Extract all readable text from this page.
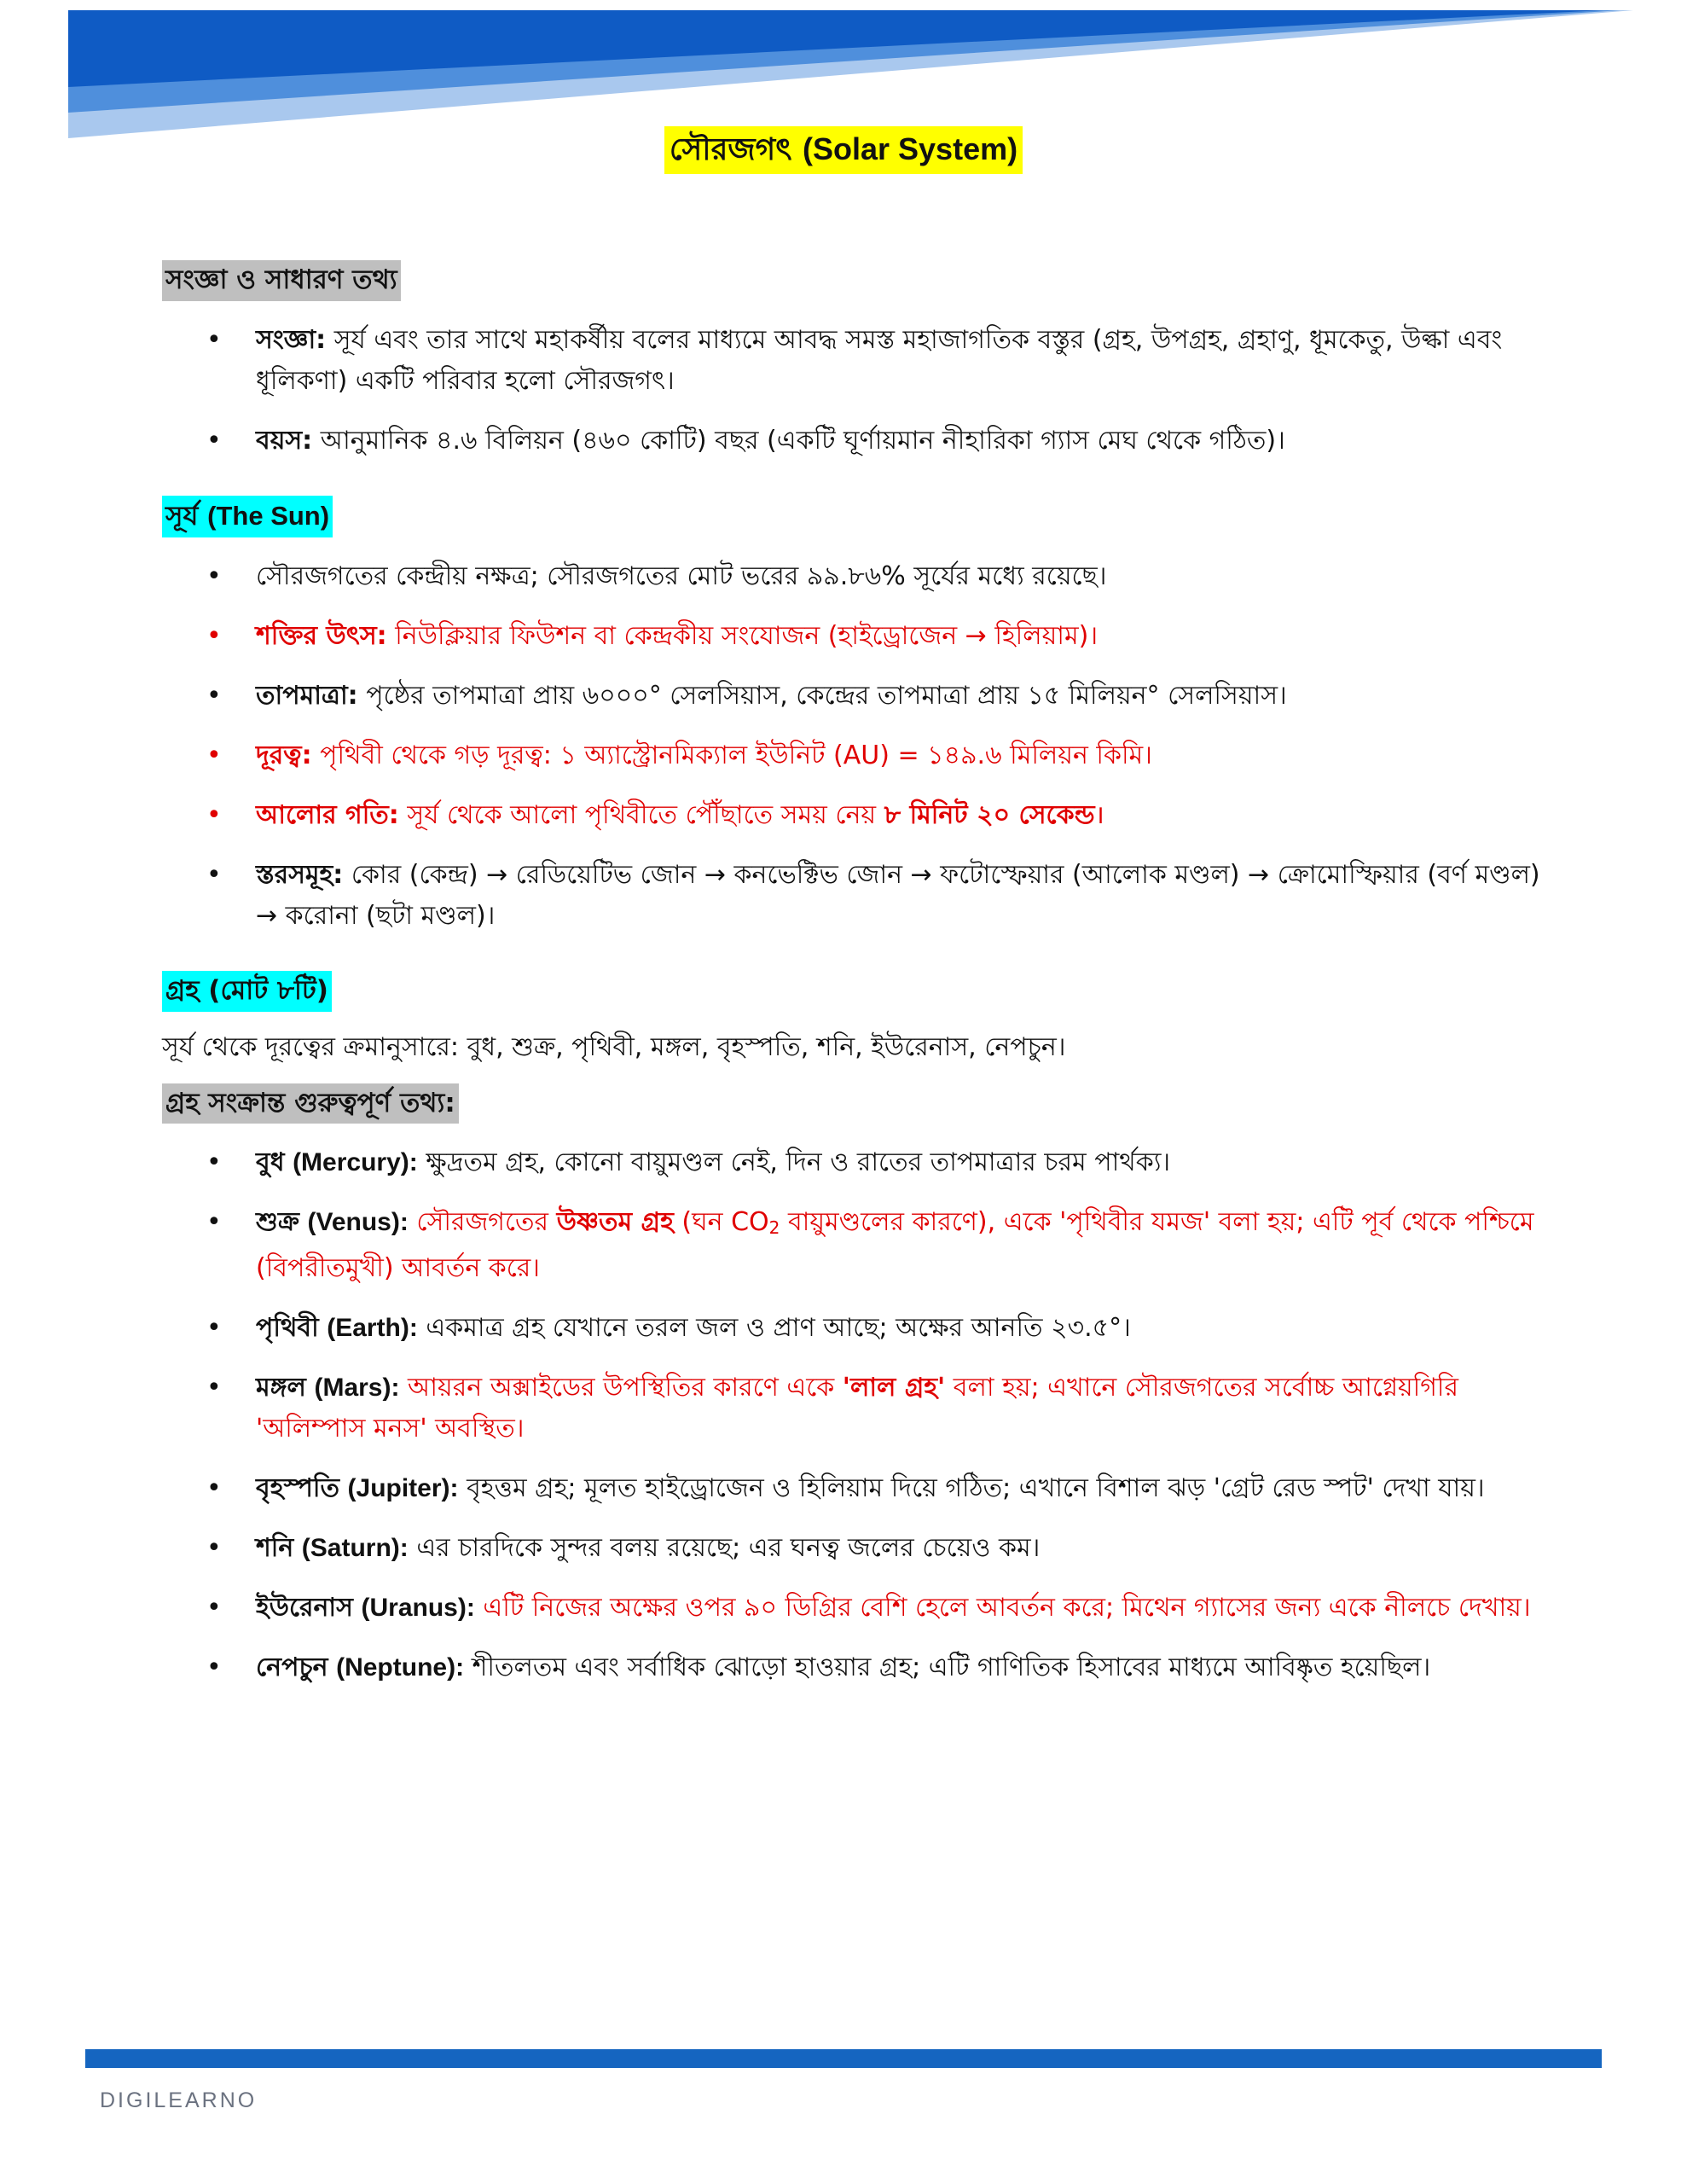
সৌরজগৎ (Solar System)
সংজ্ঞা ও সাধারণ তথ্য
• সংজ্ঞা: সূর্য এবং তার সাথে মহাকর্ষীয় বলের মাধ্যমে আবদ্ধ সমস্ত মহাজাগতিক বস্তুর (গ্রহ, উপগ্রহ, গ্রহাণু, ধূমকেতু, উল্কা এবং ধূলিকণা) একটি পরিবার হলো সৌরজগৎ।
• বয়স: আনুমানিক ৪.৬ বিলিয়ন (৪৬০ কোটি) বছর (একটি ঘূর্ণায়মান নীহারিকা গ্যাস মেঘ থেকে গঠিত)।
সূর্য (The Sun)
• সৌরজগতের কেন্দ্রীয় নক্ষত্র; সৌরজগতের মোট ভরের ৯৯.৮৬% সূর্যের মধ্যে রয়েছে।
• শক্তির উৎস: নিউক্লিয়ার ফিউশন বা কেন্দ্রকীয় সংযোজন (হাইড্রোজেন → হিলিয়াম)।
• তাপমাত্রা: পৃষ্ঠের তাপমাত্রা প্রায় ৬০০০° সেলসিয়াস, কেন্দ্রের তাপমাত্রা প্রায় ১৫ মিলিয়ন° সেলসিয়াস।
• দূরত্ব: পৃথিবী থেকে গড় দূরত্ব: ১ অ্যাস্ট্রোনমিক্যাল ইউনিট (AU) = ১৪৯.৬ মিলিয়ন কিমি।
• আলোর গতি: সূর্য থেকে আলো পৃথিবীতে পৌঁছাতে সময় নেয় ৮ মিনিট ২০ সেকেন্ড।
• স্তরসমূহ: কোর (কেন্দ্র) → রেডিয়েটিভ জোন → কনভেক্টিভ জোন → ফটোস্ফেয়ার (আলোক মণ্ডল) → ক্রোমোস্ফিয়ার (বর্ণ মণ্ডল) → করোনা (ছটা মণ্ডল)।
গ্রহ (মোট ৮টি)
সূর্য থেকে দূরত্বের ক্রমানুসারে: বুধ, শুক্র, পৃথিবী, মঙ্গল, বৃহস্পতি, শনি, ইউরেনাস, নেপচুন।
গ্রহ সংক্রান্ত গুরুত্বপূর্ণ তথ্য:
• বুধ (Mercury): ক্ষুদ্রতম গ্রহ, কোনো বায়ুমণ্ডল নেই, দিন ও রাতের তাপমাত্রার চরম পার্থক্য।
• শুক্র (Venus): সৌরজগতের উষ্ণতম গ্রহ (ঘন $CO_2$ বায়ুমণ্ডলের কারণে), একে 'পৃথিবীর যমজ' বলা হয়; এটি পূর্ব থেকে পশ্চিমে (বিপরীতমুখী) আবর্তন করে।
• পৃথিবী (Earth): একমাত্র গ্রহ যেখানে তরল জল ও প্রাণ আছে; অক্ষের আনতি ২৩.৫°।
• মঙ্গল (Mars): আয়রন অক্সাইডের উপস্থিতির কারণে একে 'লাল গ্রহ' বলা হয়; এখানে সৌরজগতের সর্বোচ্চ আগ্নেয়গিরি 'অলিম্পাস মনস' অবস্থিত।
• বৃহস্পতি (Jupiter): বৃহত্তম গ্রহ; মূলত হাইড্রোজেন ও হিলিয়াম দিয়ে গঠিত; এখানে বিশাল ঝড় 'গ্রেট রেড স্পট' দেখা যায়।
• শনি (Saturn): এর চারদিকে সুন্দর বলয় রয়েছে; এর ঘনত্ব জলের চেয়েও কম।
• ইউরেনাস (Uranus): এটি নিজের অক্ষের ওপর ৯০ ডিগ্রির বেশি হেলে আবর্তন করে; মিথেন গ্যাসের জন্য একে নীলচে দেখায়।
• নেপচুন (Neptune): শীতলতম এবং সর্বাধিক ঝোড়ো হাওয়ার গ্রহ; এটি গাণিতিক হিসাবের মাধ্যমে আবিষ্কৃত হয়েছিল।
DIGILEARNO
